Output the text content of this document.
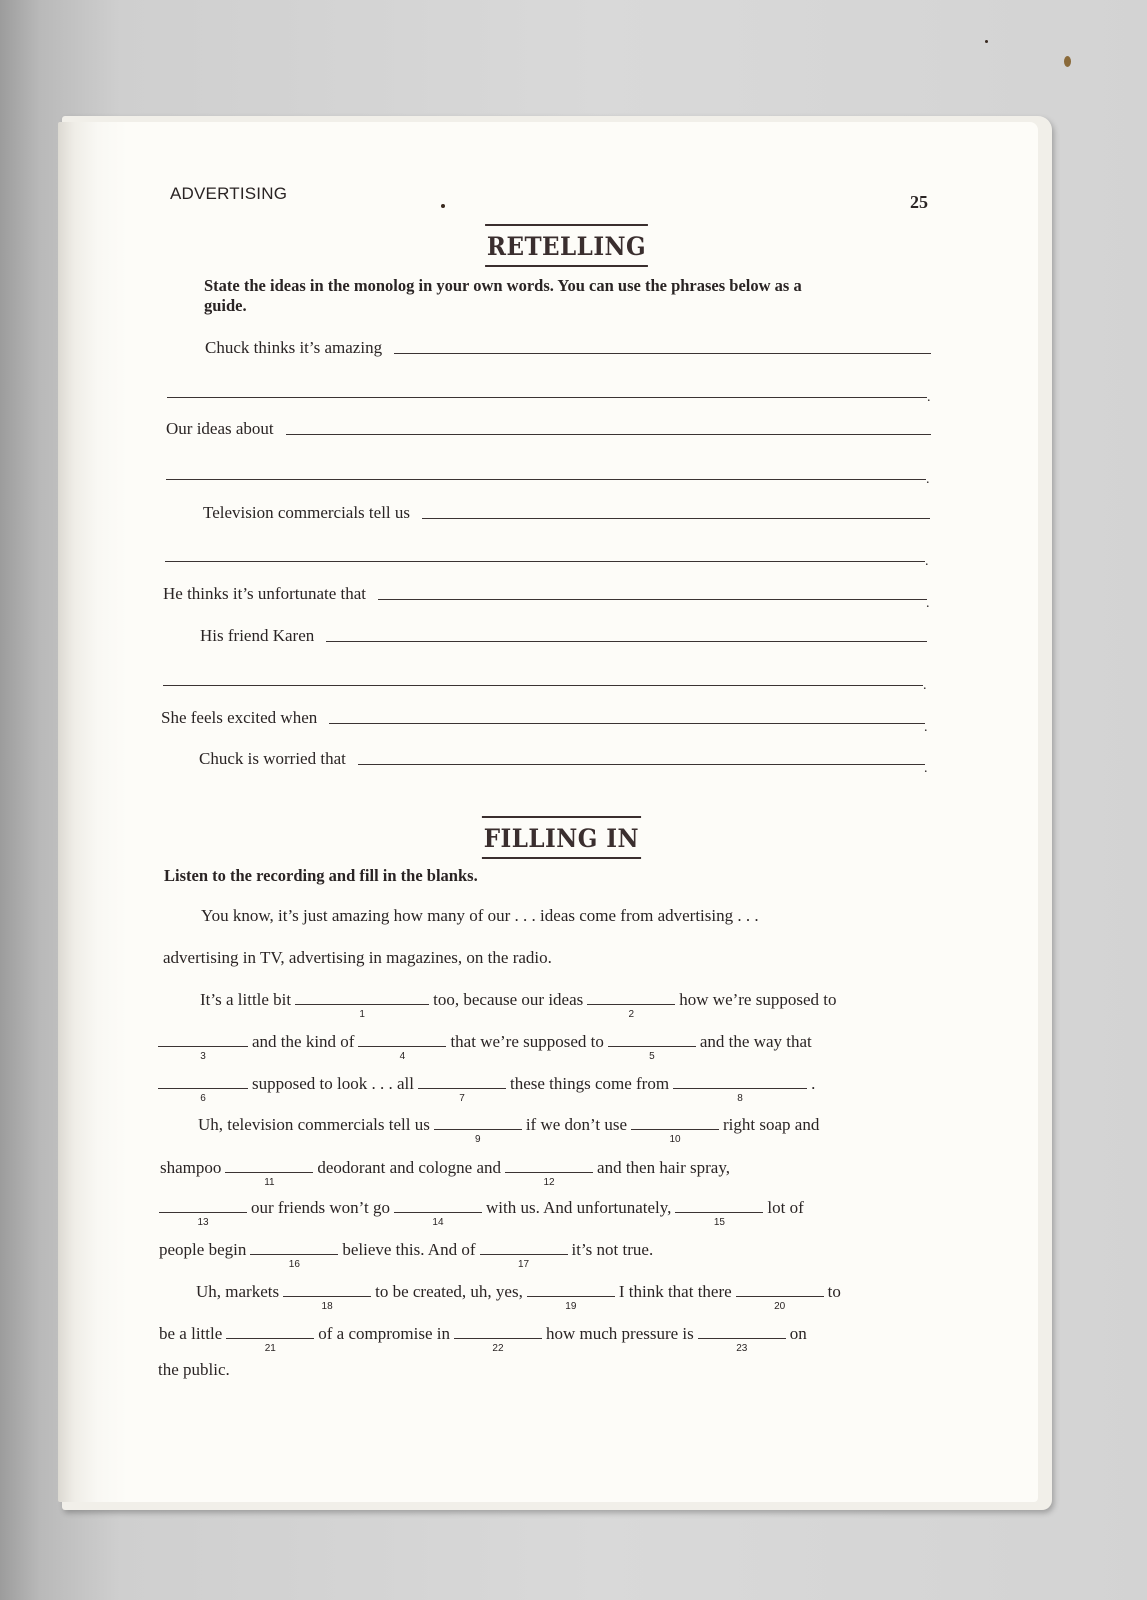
ADVERTISING	25
RETELLING
State the ideas in the monolog in your own words. You can use the phrases below as a
guide.
Chuck thinks it’s amazing
.
Our ideas about
.
Television commercials tell us
.
He thinks it’s unfortunate that
.
His friend Karen
.
She feels excited when
.
Chuck is worried that
.
FILLING IN
Listen to the recording and fill in the blanks.
You know, it’s just amazing how many of our . . . ideas come from advertising . . .
advertising in TV, advertising in magazines, on the radio.
It’s a little bit
1
too, because our ideas
2
how we’re supposed to
3
and the kind of
4
that we’re supposed to
5
and the way that
6
supposed to look . . . all
7
these things come from
8
.
Uh, television commercials tell us
9
if we don’t use
10
right soap and
shampoo
11
deodorant and cologne and
12
and then hair spray,
13
our friends won’t go
14
with us. And unfortunately,
15
lot of
people begin
16
believe this. And of
17
it’s not true.
Uh, markets
18
to be created, uh, yes,
19
I think that there
20
to
be a little
21
of a compromise in
22
how much pressure is
23
on
the public.
